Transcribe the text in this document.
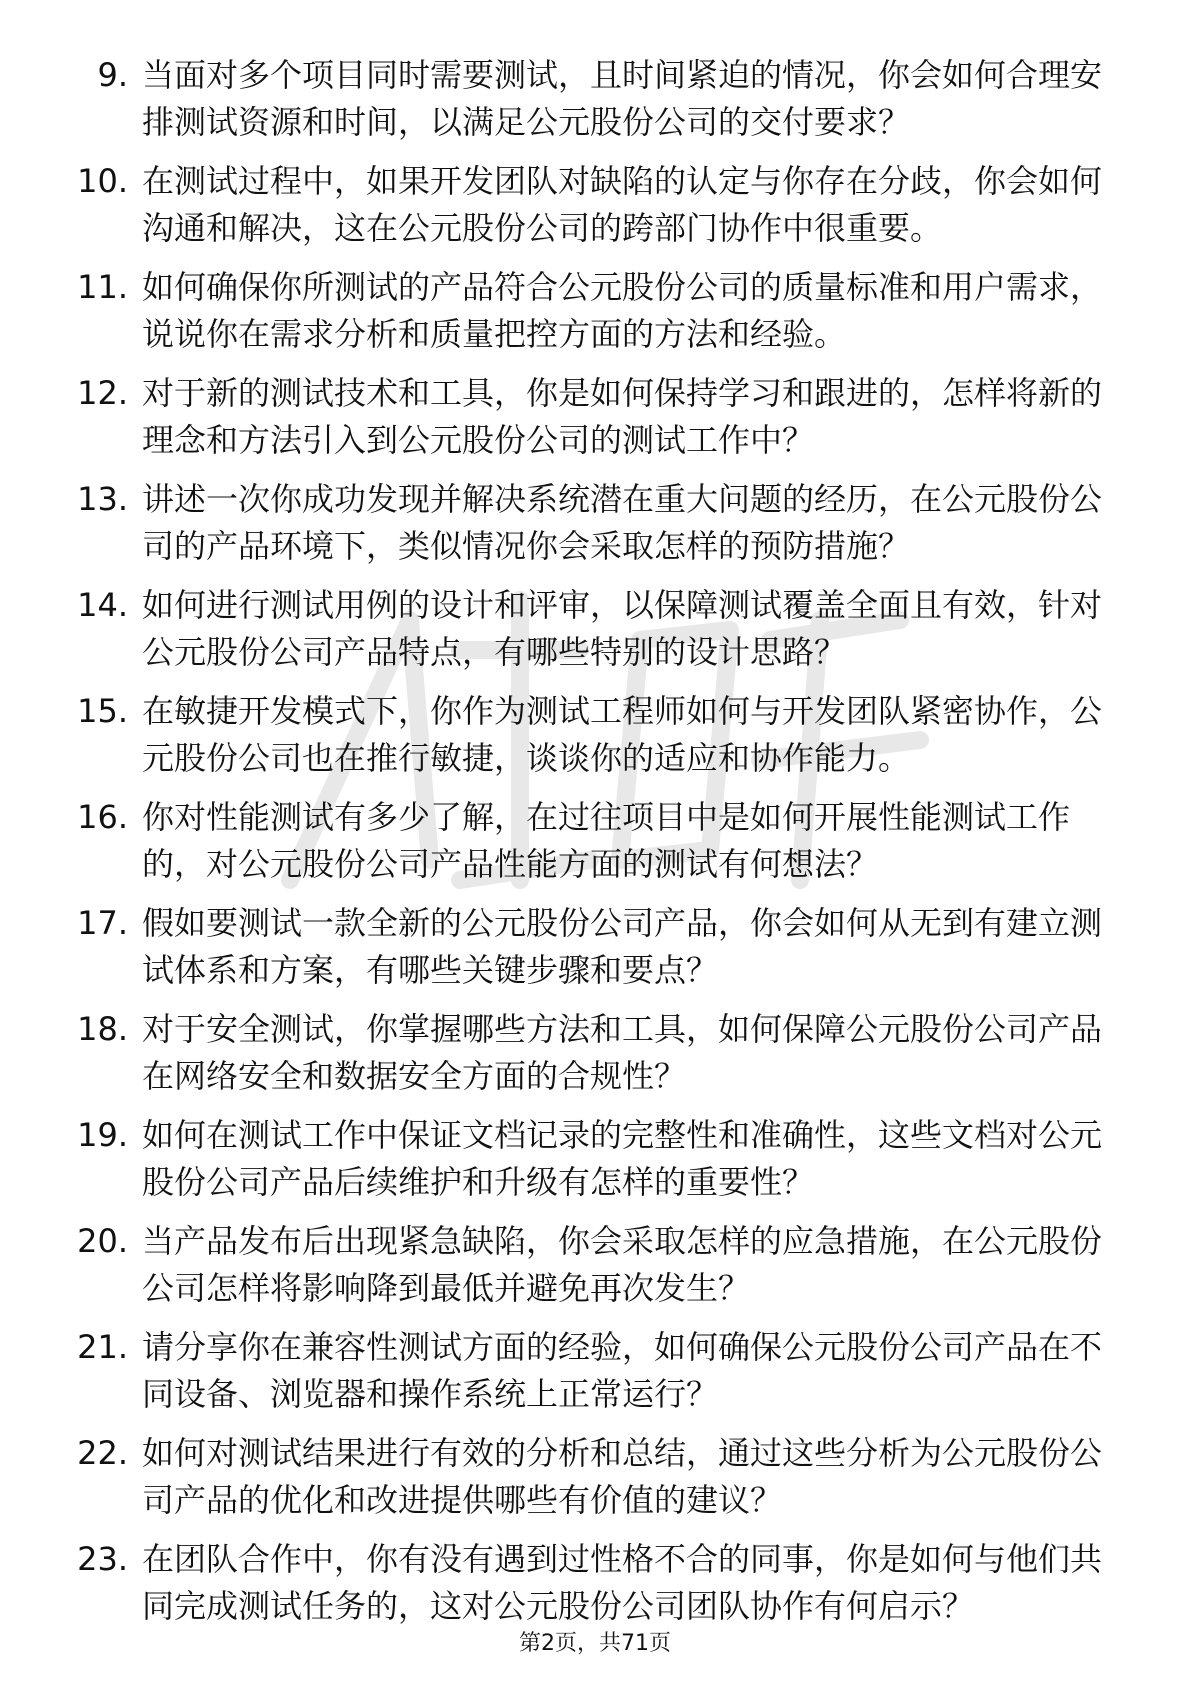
9. 当面对多个项目同时需要测试，且时间紧迫的情况，你会如何合理安排测试资源和时间，以满足公元股份公司的交付要求？
10. 在测试过程中，如果开发团队对缺陷的认定与你存在分歧，你会如何沟通和解决，这在公元股份公司的跨部门协作中很重要。
11. 如何确保你所测试的产品符合公元股份公司的质量标准和用户需求，说说你在需求分析和质量把控方面的方法和经验。
12. 对于新的测试技术和工具，你是如何保持学习和跟进的，怎样将新的理念和方法引入到公元股份公司的测试工作中？
13. 讲述一次你成功发现并解决系统潜在重大问题的经历，在公元股份公司的产品环境下，类似情况你会采取怎样的预防措施？
14. 如何进行测试用例的设计和评审，以保障测试覆盖全面且有效，针对公元股份公司产品特点，有哪些特别的设计思路？
15. 在敏捷开发模式下，你作为测试工程师如何与开发团队紧密协作，公元股份公司也在推行敏捷，谈谈你的适应和协作能力。
16. 你对性能测试有多少了解，在过往项目中是如何开展性能测试工作的，对公元股份公司产品性能方面的测试有何想法？
17. 假如要测试一款全新的公元股份公司产品，你会如何从无到有建立测试体系和方案，有哪些关键步骤和要点？
18. 对于安全测试，你掌握哪些方法和工具，如何保障公元股份公司产品在网络安全和数据安全方面的合规性？
19. 如何在测试工作中保证文档记录的完整性和准确性，这些文档对公元股份公司产品后续维护和升级有怎样的重要性？
20. 当产品发布后出现紧急缺陷，你会采取怎样的应急措施，在公元股份公司怎样将影响降到最低并避免再次发生？
21. 请分享你在兼容性测试方面的经验，如何确保公元股份公司产品在不同设备、浏览器和操作系统上正常运行？
22. 如何对测试结果进行有效的分析和总结，通过这些分析为公元股份公司产品的优化和改进提供哪些有价值的建议？
23. 在团队合作中，你有没有遇到过性格不合的同事，你是如何与他们共同完成测试任务的，这对公元股份公司团队协作有何启示？
第2页，共71页
